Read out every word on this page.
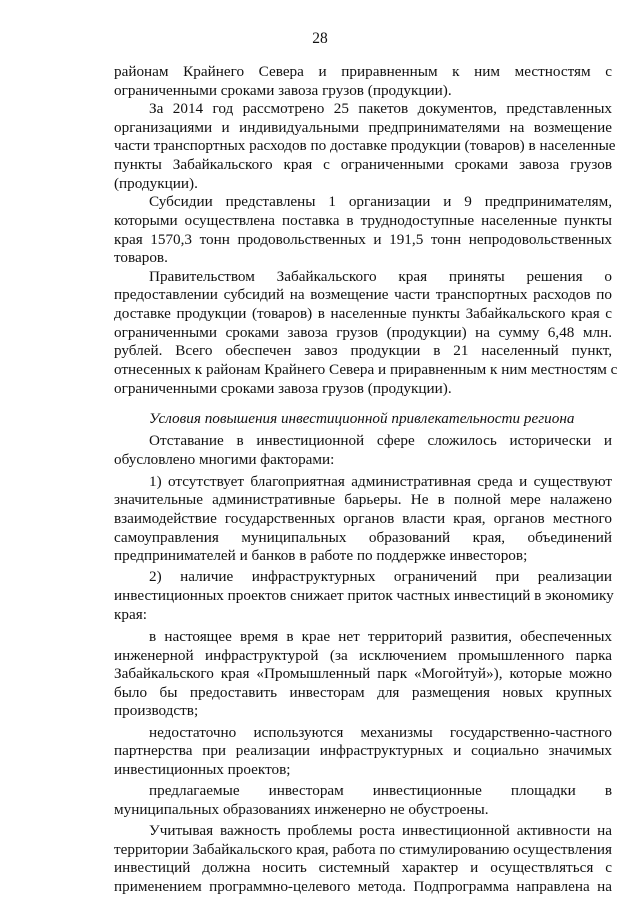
28
районам Крайнего Севера и приравненным к ним местностям с
ограниченными сроками завоза грузов (продукции).
За 2014 год рассмотрено 25 пакетов документов, представленных
организациями и индивидуальными предпринимателями на возмещение
части транспортных расходов по доставке продукции (товаров) в населенные
пункты Забайкальского края с ограниченными сроками завоза грузов
(продукции).
Субсидии представлены 1 организации и 9 предпринимателям,
которыми осуществлена поставка в труднодоступные населенные пункты
края 1570,3 тонн продовольственных и 191,5 тонн непродовольственных
товаров.
Правительством Забайкальского края приняты решения о
предоставлении субсидий на возмещение части транспортных расходов по
доставке продукции (товаров) в населенные пункты Забайкальского края с
ограниченными сроками завоза грузов (продукции) на сумму 6,48 млн.
рублей. Всего обеспечен завоз продукции в 21 населенный пункт,
отнесенных к районам Крайнего Севера и приравненным к ним местностям с
ограниченными сроками завоза грузов (продукции).
Условия повышения инвестиционной привлекательности региона
Отставание в инвестиционной сфере сложилось исторически и
обусловлено многими факторами:
1) отсутствует благоприятная административная среда и существуют
значительные административные барьеры. Не в полной мере налажено
взаимодействие государственных органов власти края, органов местного
самоуправления муниципальных образований края, объединений
предпринимателей и банков в работе по поддержке инвесторов;
2) наличие инфраструктурных ограничений при реализации
инвестиционных проектов снижает приток частных инвестиций в экономику
края:
в настоящее время в крае нет территорий развития, обеспеченных
инженерной инфраструктурой (за исключением промышленного парка
Забайкальского края «Промышленный парк «Могойтуй»), которые можно
было бы предоставить инвесторам для размещения новых крупных
производств;
недостаточно используются механизмы государственно-частного
партнерства при реализации инфраструктурных и социально значимых
инвестиционных проектов;
предлагаемые инвесторам инвестиционные площадки в
муниципальных образованиях инженерно не обустроены.
Учитывая важность проблемы роста инвестиционной активности на
территории Забайкальского края, работа по стимулированию осуществления
инвестиций должна носить системный характер и осуществляться с
применением программно-целевого метода. Подпрограмма направлена на
